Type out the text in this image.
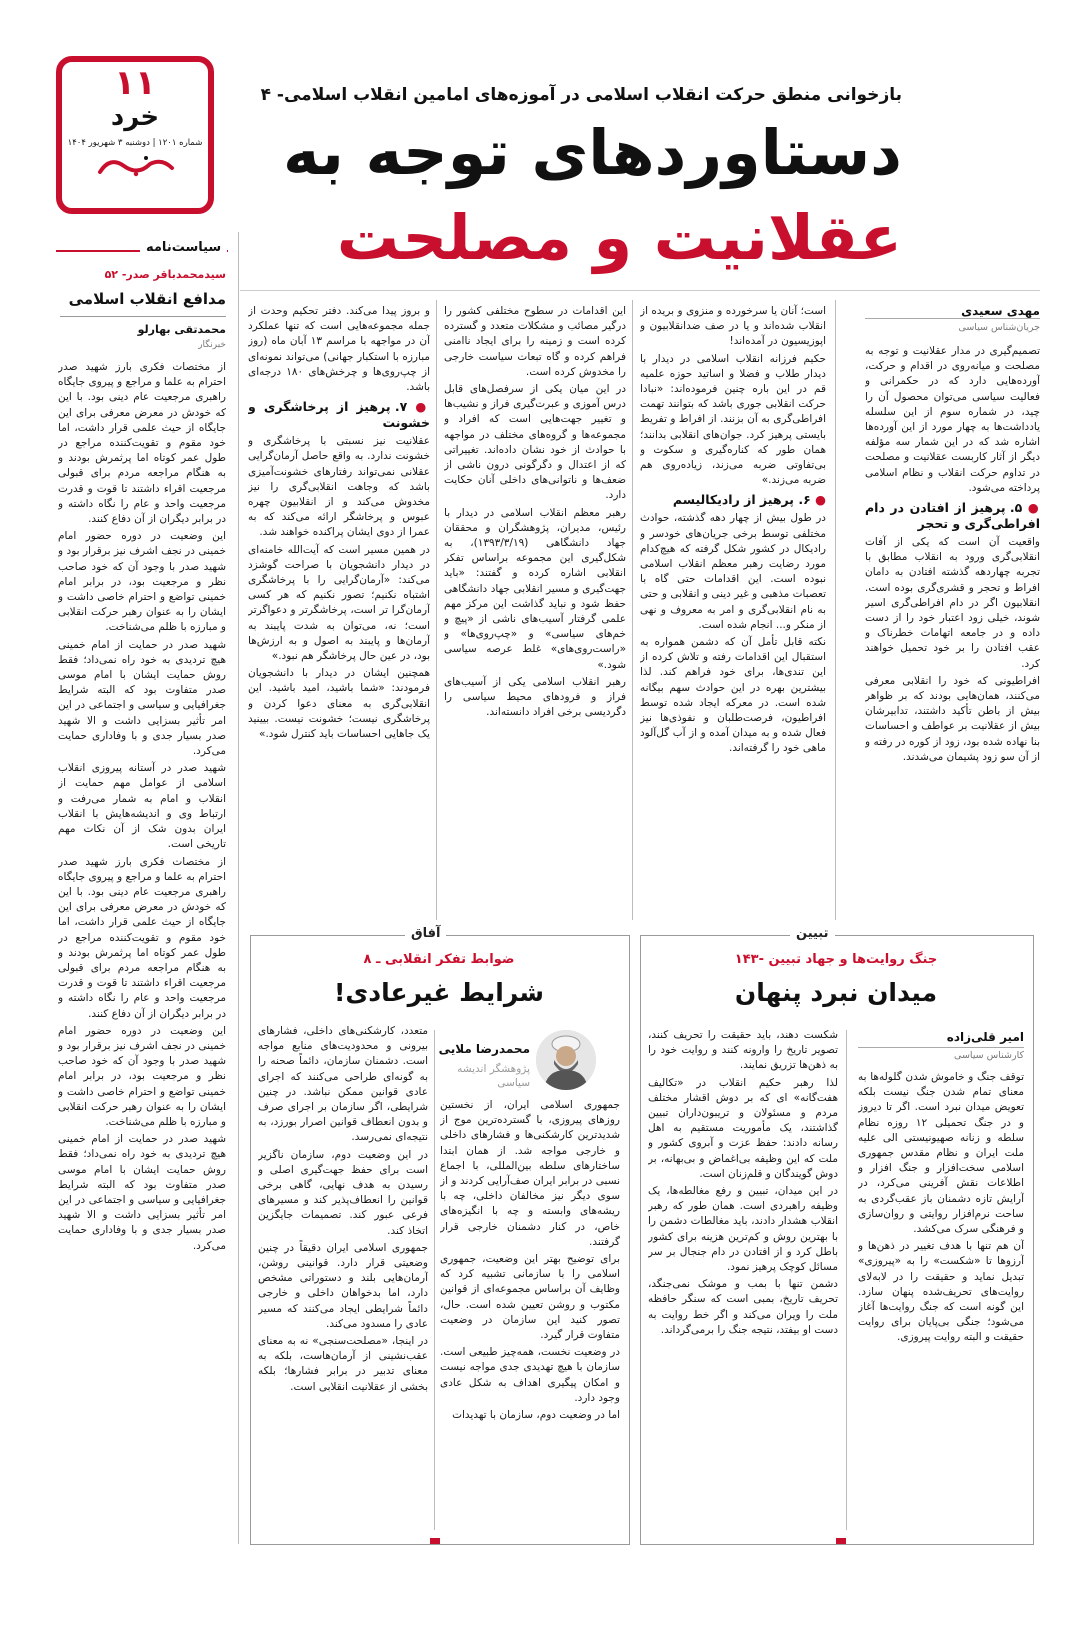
۱۱
خرد
شماره ۱۲۰۱ | دوشنبه ۳ شهریور ۱۴۰۴
بازخوانی منطق حرکت انقلاب اسلامی در آموزه‌های امامین انقلاب اسلامی- ۴
دستاوردهای توجه به
عقلانیت و مصلحت
مهدی سعیدی
جریان‌شناس سیاسی

تصمیم‌گیری در مدار عقلانیت و توجه به مصلحت و میانه‌روی در اقدام و حرکت، آورده‌هایی دارد که در حکمرانی و فعالیت سیاسی می‌توان محصول آن را چید، در شماره سوم از این سلسله یادداشت‌ها به چهار مورد از این آورده‌ها اشاره شد که در این شمار سه مؤلفه دیگر از آثار کاربست عقلانیت و مصلحت در تداوم حرکت انقلاب و نظام اسلامی پرداخته می‌شود.

● ۵. پرهیز از افتادن در دام افراطی‌گری و تحجر

واقعیت آن است که یکی از آفات انقلابی‌گری ورود به انقلاب مطابق با تجربه چهاردهه گذشته افتادن به دامان افراط و تحجر و قشری‌گری بوده است. انقلابیون اگر در دام افراطی‌گری اسیر شوند، خیلی زود اعتبار خود را از دست داده و در جامعه اتهامات خطرناک و عقب افتادن را بر خود تحمیل خواهند کرد.

افراطیونی که خود را انقلابی معرفی می‌کنند، همان‌هایی بودند که بر ظواهر بیش از باطن تأکید داشتند، تدابیرشان بیش از عقلانیت بر عواطف و احساسات بنا نهاده شده بود، زود از کوره در رفته و از آن سو زود پشیمان می‌شدند.

است؛ آنان یا سرخورده و منزوی و بریده از انقلاب شده‌اند و یا در صف ضدانقلابیون و اپوزیسیون در آمده‌اند!

حکیم فرزانه انقلاب اسلامی در دیدار با دیدار طلاب و فضلا و اساتید حوزه علمیه قم در این باره چنین فرموده‌اند: «نبادا حرکت انقلابی جوری باشد که بتوانند تهمت افراطی‌گری به آن بزنند. از افراط و تفریط بایستی پرهیز کرد. جوان‌های انقلابی بدانند؛ همان طور که کناره‌گیری و سکوت و بی‌تفاوتی ضربه می‌زند، زیاده‌روی هم ضربه می‌زند.»

● ۶. پرهیز از رادیکالیسم

در طول بیش از چهار دهه گذشته، حوادث مختلفی توسط برخی جریان‌های خودسر و رادیکال در کشور شکل گرفته که هیچ‌کدام مورد رضایت رهبر معظم انقلاب اسلامی نبوده است. این اقدامات حتی گاه با تعصبات مذهبی و غیر دینی و انقلابی و حتی به نام انقلابی‌گری و امر به معروف و نهی از منکر و... انجام شده است.

نکته قابل تأمل آن که دشمن همواره به استقبال این اقدامات رفته و تلاش کرده از این تندی‌ها، برای خود فراهم کند. لذا بیشترین بهره در این حوادث سهم بیگانه شده است. در معرکه ایجاد شده توسط افراطیون، فرصت‌طلبان و نفوذی‌ها نیز فعال شده و به میدان آمده و از آب گل‌آلود ماهی خود را گرفته‌اند.

این اقدامات در سطوح مختلفی کشور را درگیر مصائب و مشکلات متعدد و گسترده کرده است و زمینه را برای ایجاد ناامنی فراهم کرده و گاه تبعات سیاست خارجی را مخدوش کرده است.

در این میان یکی از سرفصل‌های قابل درس آموزی و عبرت‌گیری فراز و نشیب‌ها و تغییر جهت‌هایی است که افراد و مجموعه‌ها و گروه‌های مختلف در مواجهه با حوادث از خود نشان داده‌اند. تغییراتی که از اعتدال و دگرگونی درون ناشی از ضعف‌ها و ناتوانی‌های داخلی آنان حکایت دارد.

رهبر معظم انقلاب اسلامی در دیدار با رئیس، مدیران، پژوهشگران و محققان جهاد دانشگاهی (۱۳۹۳/۳/۱۹)، به شکل‌گیری این مجموعه براساس تفکر انقلابی اشاره کرده و گفتند: «باید جهت‌گیری و مسیر انقلابی جهاد دانشگاهی حفظ شود و نباید گذاشت این مرکز مهم علمی گرفتار آسیب‌های ناشی از «پیچ و خم‌های سیاسی» و «چپ‌روی‌ها» و «راست‌روی‌های» غلط عرصه سیاسی شود.»

رهبر انقلاب اسلامی یکی از آسیب‌های فراز و فرودهای محیط سیاسی را دگردیسی برخی افراد دانسته‌اند.

و بروز پیدا می‌کند. دفتر تحکیم وحدت از جمله مجموعه‌هایی است که تنها عملکرد آن در مواجهه با مراسم ۱۳ آبان ماه (روز مبارزه با استکبار جهانی) می‌تواند نمونه‌ای از چپ‌روی‌ها و چرخش‌های ۱۸۰ درجه‌ای باشد.

● ۷. پرهیز از پرخاشگری و خشونت

عقلانیت نیز نسبتی با پرخاشگری و خشونت ندارد. به واقع حاصل آرمان‌گرایی عقلانی نمی‌تواند رفتارهای خشونت‌آمیزی باشد که وجاهت انقلابی‌گری را نیز مخدوش می‌کند و از انقلابیون چهره عبوس و پرخاشگر ارائه می‌کند که به عمرا از دوی ایشان پراکنده خواهند شد.

در همین مسیر است که آیت‌الله خامنه‌ای در دیدار دانشجویان با صراحت گوشزد می‌کند: «آرمان‌گرایی را با پرخاشگری اشتباه نکنیم؛ تصور نکنیم که هر کسی آرمان‌گرا تر است، پرخاشگرتر و دعواگرتر است؛ نه، می‌توان به شدت پایبند به آرمان‌ها و پایبند به اصول و به ارزش‌ها بود، در عین حال پرخاشگر هم نبود.»

همچنین ایشان در دیدار با دانشجویان فرمودند: «شما باشید، امید باشید. این انقلابی‌گری به معنای دعوا کردن و پرخاشگری نیست؛ خشونت نیست. بیینید یک جاهایی احساسات باید کنترل شود.»

سیاست‌نامه
سیدمحمدباقر صدر- ۵۲
مدافع انقلاب اسلامی
محمدتقی بهارلو
خبرنگار

از مختصات فکری بارز شهید صدر احترام به علما و مراجع و پیروی جایگاه راهبری مرجعیت عام دینی بود. با این که خودش در معرض معرفی برای این جایگاه از حیث علمی قرار داشت، اما خود مقوم و تقویت‌کننده مراجع در طول عمر کوتاه اما پرثمرش بودند و به هنگام مراجعه مردم برای قبولی مرجعیت اقراء داشتند تا قوت و قدرت مرجعیت واحد و عام را نگاه داشته و در برابر دیگران از آن دفاع کنند.

این وضعیت در دوره حضور امام خمینی در نجف اشرف نیز برقرار بود و شهید صدر با وجود آن که خود صاحب نظر و مرجعیت بود، در برابر امام خمینی تواضع و احترام خاصی داشت و ایشان را به عنوان رهبر حرکت انقلابی و مبارزه با ظلم می‌شناخت.

شهید صدر در حمایت از امام خمینی هیچ تردیدی به خود راه نمی‌داد؛ فقط روش حمایت ایشان با امام موسی صدر متفاوت بود که البته شرایط جغرافیایی و سیاسی و اجتماعی در این امر تأثیر بسزایی داشت و الا شهید صدر بسیار جدی و با وفاداری حمایت می‌کرد.

شهید صدر در آستانه پیروزی انقلاب اسلامی از عوامل مهم حمایت از انقلاب و امام به شمار می‌رفت و ارتباط وی و اندیشه‌هایش با انقلاب ایران بدون شک از آن نکات مهم تاریخی است.

از مختصات فکری بارز شهید صدر احترام به علما و مراجع و پیروی جایگاه راهبری مرجعیت عام دینی بود. با این که خودش در معرض معرفی برای این جایگاه از حیث علمی قرار داشت، اما خود مقوم و تقویت‌کننده مراجع در طول عمر کوتاه اما پرثمرش بودند و به هنگام مراجعه مردم برای قبولی مرجعیت اقراء داشتند تا قوت و قدرت مرجعیت واحد و عام را نگاه داشته و در برابر دیگران از آن دفاع کنند.

این وضعیت در دوره حضور امام خمینی در نجف اشرف نیز برقرار بود و شهید صدر با وجود آن که خود صاحب نظر و مرجعیت بود، در برابر امام خمینی تواضع و احترام خاصی داشت و ایشان را به عنوان رهبر حرکت انقلابی و مبارزه با ظلم می‌شناخت.

شهید صدر در حمایت از امام خمینی هیچ تردیدی به خود راه نمی‌داد؛ فقط روش حمایت ایشان با امام موسی صدر متفاوت بود که البته شرایط جغرافیایی و سیاسی و اجتماعی در این امر تأثیر بسزایی داشت و الا شهید صدر بسیار جدی و با وفاداری حمایت می‌کرد.

تبیین
جنگ روایت‌ها و جهاد تبیین -۱۴۳
میدان نبرد پنهان
امیر قلی‌زاده
کارشناس سیاسی

توقف جنگ و خاموش شدن گلوله‌ها به معنای تمام شدن جنگ نیست بلکه تعویض میدان نبرد است. اگر تا دیروز و در جنگ تحمیلی ۱۲ روزه نظام سلطه و زنانه صهیونیستی الی علیه ملت ایران و نظام مقدس جمهوری اسلامی سخت‌افزار و جنگ افزار و اطلاعات نقش آفرینی می‌کرد، در آرایش تازه دشمنان باز عقب‌گردی به ساحت نرم‌افزار روایتی و روان‌سازی و فرهنگی سرک می‌کشد.

آن هم تنها با هدف تغییر در ذهن‌ها و آرزوها تا «شکست» را به «پیروزی» تبدیل نماید و حقیقت را در لابه‌لای روایت‌های تحریف‌شده پنهان سازد. این گونه است که جنگ روایت‌ها آغاز می‌شود؛ جنگی بی‌پایان برای روایت حقیقت و البته روایت پیروزی.

شکست دهند، باید حقیقت را تحریف کنند، تصویر تاریخ را وارونه کنند و روایت خود را به ذهن‌ها تزریق نمایند.

لذا رهبر حکیم انقلاب در «تکالیف هفت‌گانه» ای که بر دوش اقشار مختلف مردم و مسئولان و تریبون‌داران تبیین گذاشتند، یک مأموریت مستقیم به اهل رسانه دادند: حفظ عزت و آبروی کشور و ملت که این وظیفه بی‌اغماض و بی‌بهانه، بر دوش گویندگان و قلم‌زنان است.

در این میدان، تبیین و رفع مغالطه‌ها، یک وظیفه راهبردی است. همان طور که رهبر انقلاب هشدار دادند، باید مغالطات دشمن را با بهترین روش و کم‌ترین هزینه برای کشور باطل کرد و از افتادن در دام جنجال بر سر مسائل کوچک پرهیز نمود.

دشمن تنها با بمب و موشک نمی‌جنگد، تحریف تاریخ، بمبی است که سنگر حافظه ملت را ویران می‌کند و اگر خط روایت به دست او بیفتد، نتیجه جنگ را برمی‌گرداند.

آفاق
ضوابط تفکر انقلابی ـ ۸
شرایط غیرعادی!
محمدرضا ملایی
پژوهشگر اندیشه سیاسی

جمهوری اسلامی ایران، از نخستین روزهای پیروزی، با گسترده‌ترین موج از شدیدترین کارشکنی‌ها و فشارهای داخلی و خارجی مواجه شد. از همان ابتدا ساختارهای سلطه بین‌المللی، با اجماع نسبی در برابر ایران صف‌آرایی کردند و از سوی دیگر نیز مخالفان داخلی، چه با ریشه‌های وابسته و چه با انگیزه‌های خاص، در کنار دشمنان خارجی قرار گرفتند.

برای توضیح بهتر این وضعیت، جمهوری اسلامی را با سازمانی تشبیه کرد که وظایف آن براساس مجموعه‌ای از قوانین مکتوب و روشن تعیین شده است. حال، تصور کنید این سازمان در وضعیت متفاوت قرار گیرد.

در وضعیت نخست، همه‌چیز طبیعی است. سازمان با هیچ تهدیدی جدی مواجه نیست و امکان پیگیری اهداف به شکل عادی وجود دارد.

اما در وضعیت دوم، سازمان با تهدیدات

متعدد، کارشکنی‌های داخلی، فشارهای بیرونی و محدودیت‌های منابع مواجه است. دشمنان سازمان، دائماً صحنه را به گونه‌ای طراحی می‌کنند که اجرای عادی قوانین ممکن نباشد. در چنین شرایطی، اگر سازمان بر اجرای صرف و بدون انعطاف قوانین اصرار بورزد، به نتیجه‌ای نمی‌رسد.

در این وضعیت دوم، سازمان ناگزیر است برای حفظ جهت‌گیری اصلی و رسیدن به هدف نهایی، گاهی برخی قوانین را انعطاف‌پذیر کند و مسیرهای فرعی عبور کند. تصمیمات جایگزین اتخاذ کند.

جمهوری اسلامی ایران دقیقاً در چنین وضعیتی قرار دارد. قوانینی روشن، آرمان‌هایی بلند و دستوراتی مشخص دارد، اما بدخواهان داخلی و خارجی دائماً شرایطی ایجاد می‌کنند که مسیر عادی را مسدود می‌کند.

در اینجا، «مصلحت‌سنجی» نه به معنای عقب‌نشینی از آرمان‌هاست، بلکه به معنای تدبیر در برابر فشارها؛ بلکه بخشی از عقلانیت انقلابی است.
